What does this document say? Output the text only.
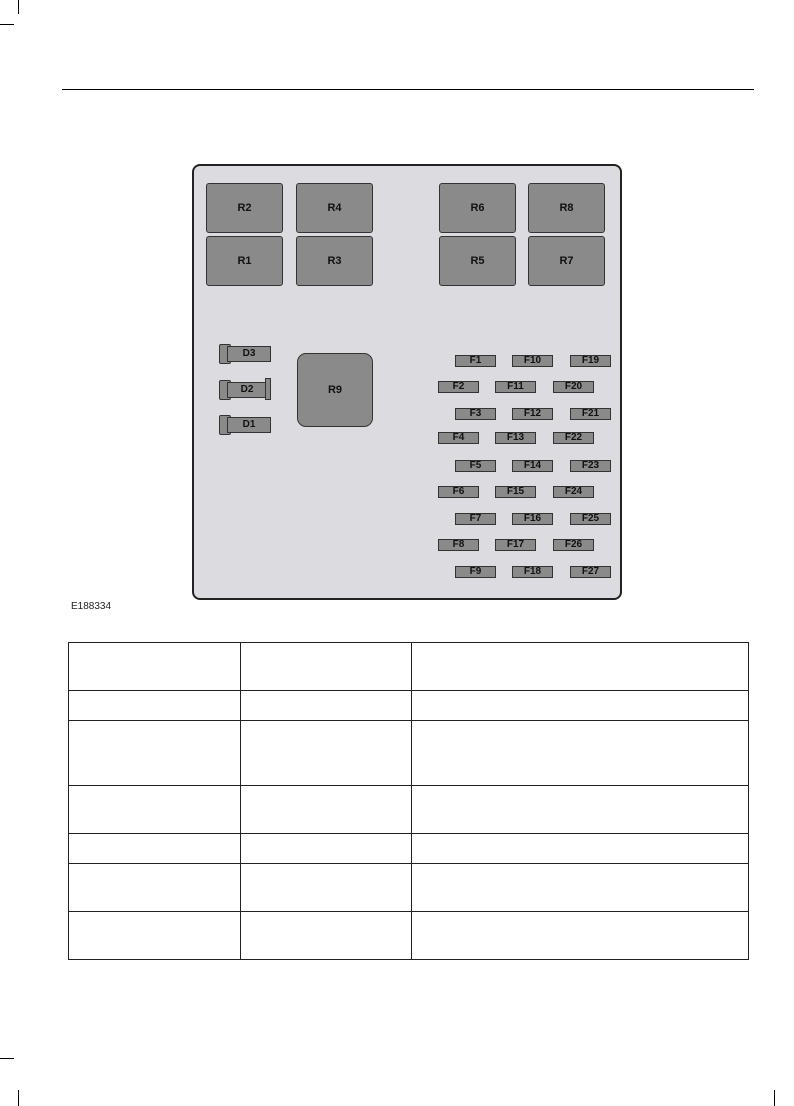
R2	R4	R6	R8
R1	R3	R5	R7
R9
D3
D2
D1
F1
F2
F3
F4
F5
F6
F7
F8
F9
F10
F11
F12
F13
F14
F15
F16
F17
F18
F19
F20
F21
F22
F23
F24
F25
F26
F27
E188334
